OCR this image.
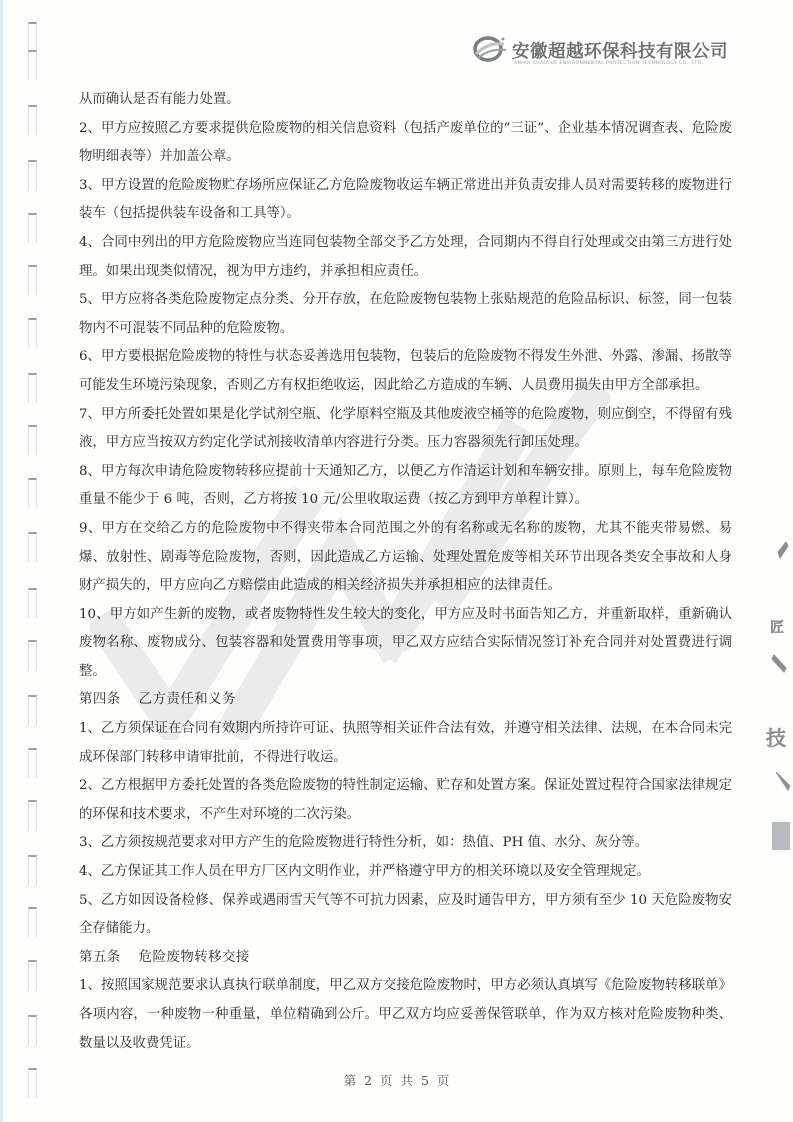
安徽超越环保科技有限公司
ANHUI CHAOYUE ENVIRONMENTAL PROTECTION TECHNOLOGY CO., LTD.
匠
技

从而确认是否有能力处置。

2、甲方应按照乙方要求提供危险废物的相关信息资料（包括产废单位的“三证”、企业基本情况调查表、危险废物明细表等）并加盖公章。

3、甲方设置的危险废物贮存场所应保证乙方危险废物收运车辆正常进出并负责安排人员对需要转移的废物进行装车（包括提供装车设备和工具等）。

4、合同中列出的甲方危险废物应当连同包装物全部交予乙方处理，合同期内不得自行处理或交由第三方进行处理。如果出现类似情况，视为甲方违约，并承担相应责任。

5、甲方应将各类危险废物定点分类、分开存放，在危险废物包装物上张贴规范的危险品标识、标签，同一包装物内不可混装不同品种的危险废物。

6、甲方要根据危险废物的特性与状态妥善选用包装物，包装后的危险废物不得发生外泄、外露、渗漏、扬散等可能发生环境污染现象，否则乙方有权拒绝收运，因此给乙方造成的车辆、人员费用损失由甲方全部承担。

7、甲方所委托处置如果是化学试剂空瓶、化学原料空瓶及其他废液空桶等的危险废物，则应倒空，不得留有残液，甲方应当按双方约定化学试剂接收清单内容进行分类。压力容器须先行卸压处理。

8、甲方每次申请危险废物转移应提前十天通知乙方，以便乙方作清运计划和车辆安排。原则上，每车危险废物重量不能少于 6 吨，否则，乙方将按 10 元/公里收取运费（按乙方到甲方单程计算）。

9、甲方在交给乙方的危险废物中不得夹带本合同范围之外的有名称或无名称的废物，尤其不能夹带易燃、易爆、放射性、剧毒等危险废物，否则，因此造成乙方运输、处理处置危废等相关环节出现各类安全事故和人身财产损失的，甲方应向乙方赔偿由此造成的相关经济损失并承担相应的法律责任。

10、甲方如产生新的废物，或者废物特性发生较大的变化，甲方应及时书面告知乙方，并重新取样，重新确认废物名称、废物成分、包装容器和处置费用等事项，甲乙双方应结合实际情况签订补充合同并对处置费进行调整。

第四条 乙方责任和义务

1、乙方须保证在合同有效期内所持许可证、执照等相关证件合法有效，并遵守相关法律、法规，在本合同未完成环保部门转移申请审批前，不得进行收运。

2、乙方根据甲方委托处置的各类危险废物的特性制定运输、贮存和处置方案。保证处置过程符合国家法律规定的环保和技术要求，不产生对环境的二次污染。

3、乙方须按规范要求对甲方产生的危险废物进行特性分析，如：热值、PH 值、水分、灰分等。

4、乙方保证其工作人员在甲方厂区内文明作业，并严格遵守甲方的相关环境以及安全管理规定。

5、乙方如因设备检修、保养或遇雨雪天气等不可抗力因素，应及时通告甲方，甲方须有至少 10 天危险废物安全存储能力。

第五条 危险废物转移交接

1、按照国家规范要求认真执行联单制度，甲乙双方交接危险废物时，甲方必须认真填写《危险废物转移联单》各项内容，一种废物一种重量，单位精确到公斤。甲乙双方均应妥善保管联单，作为双方核对危险废物种类、数量以及收费凭证。

第 2 页 共 5 页
